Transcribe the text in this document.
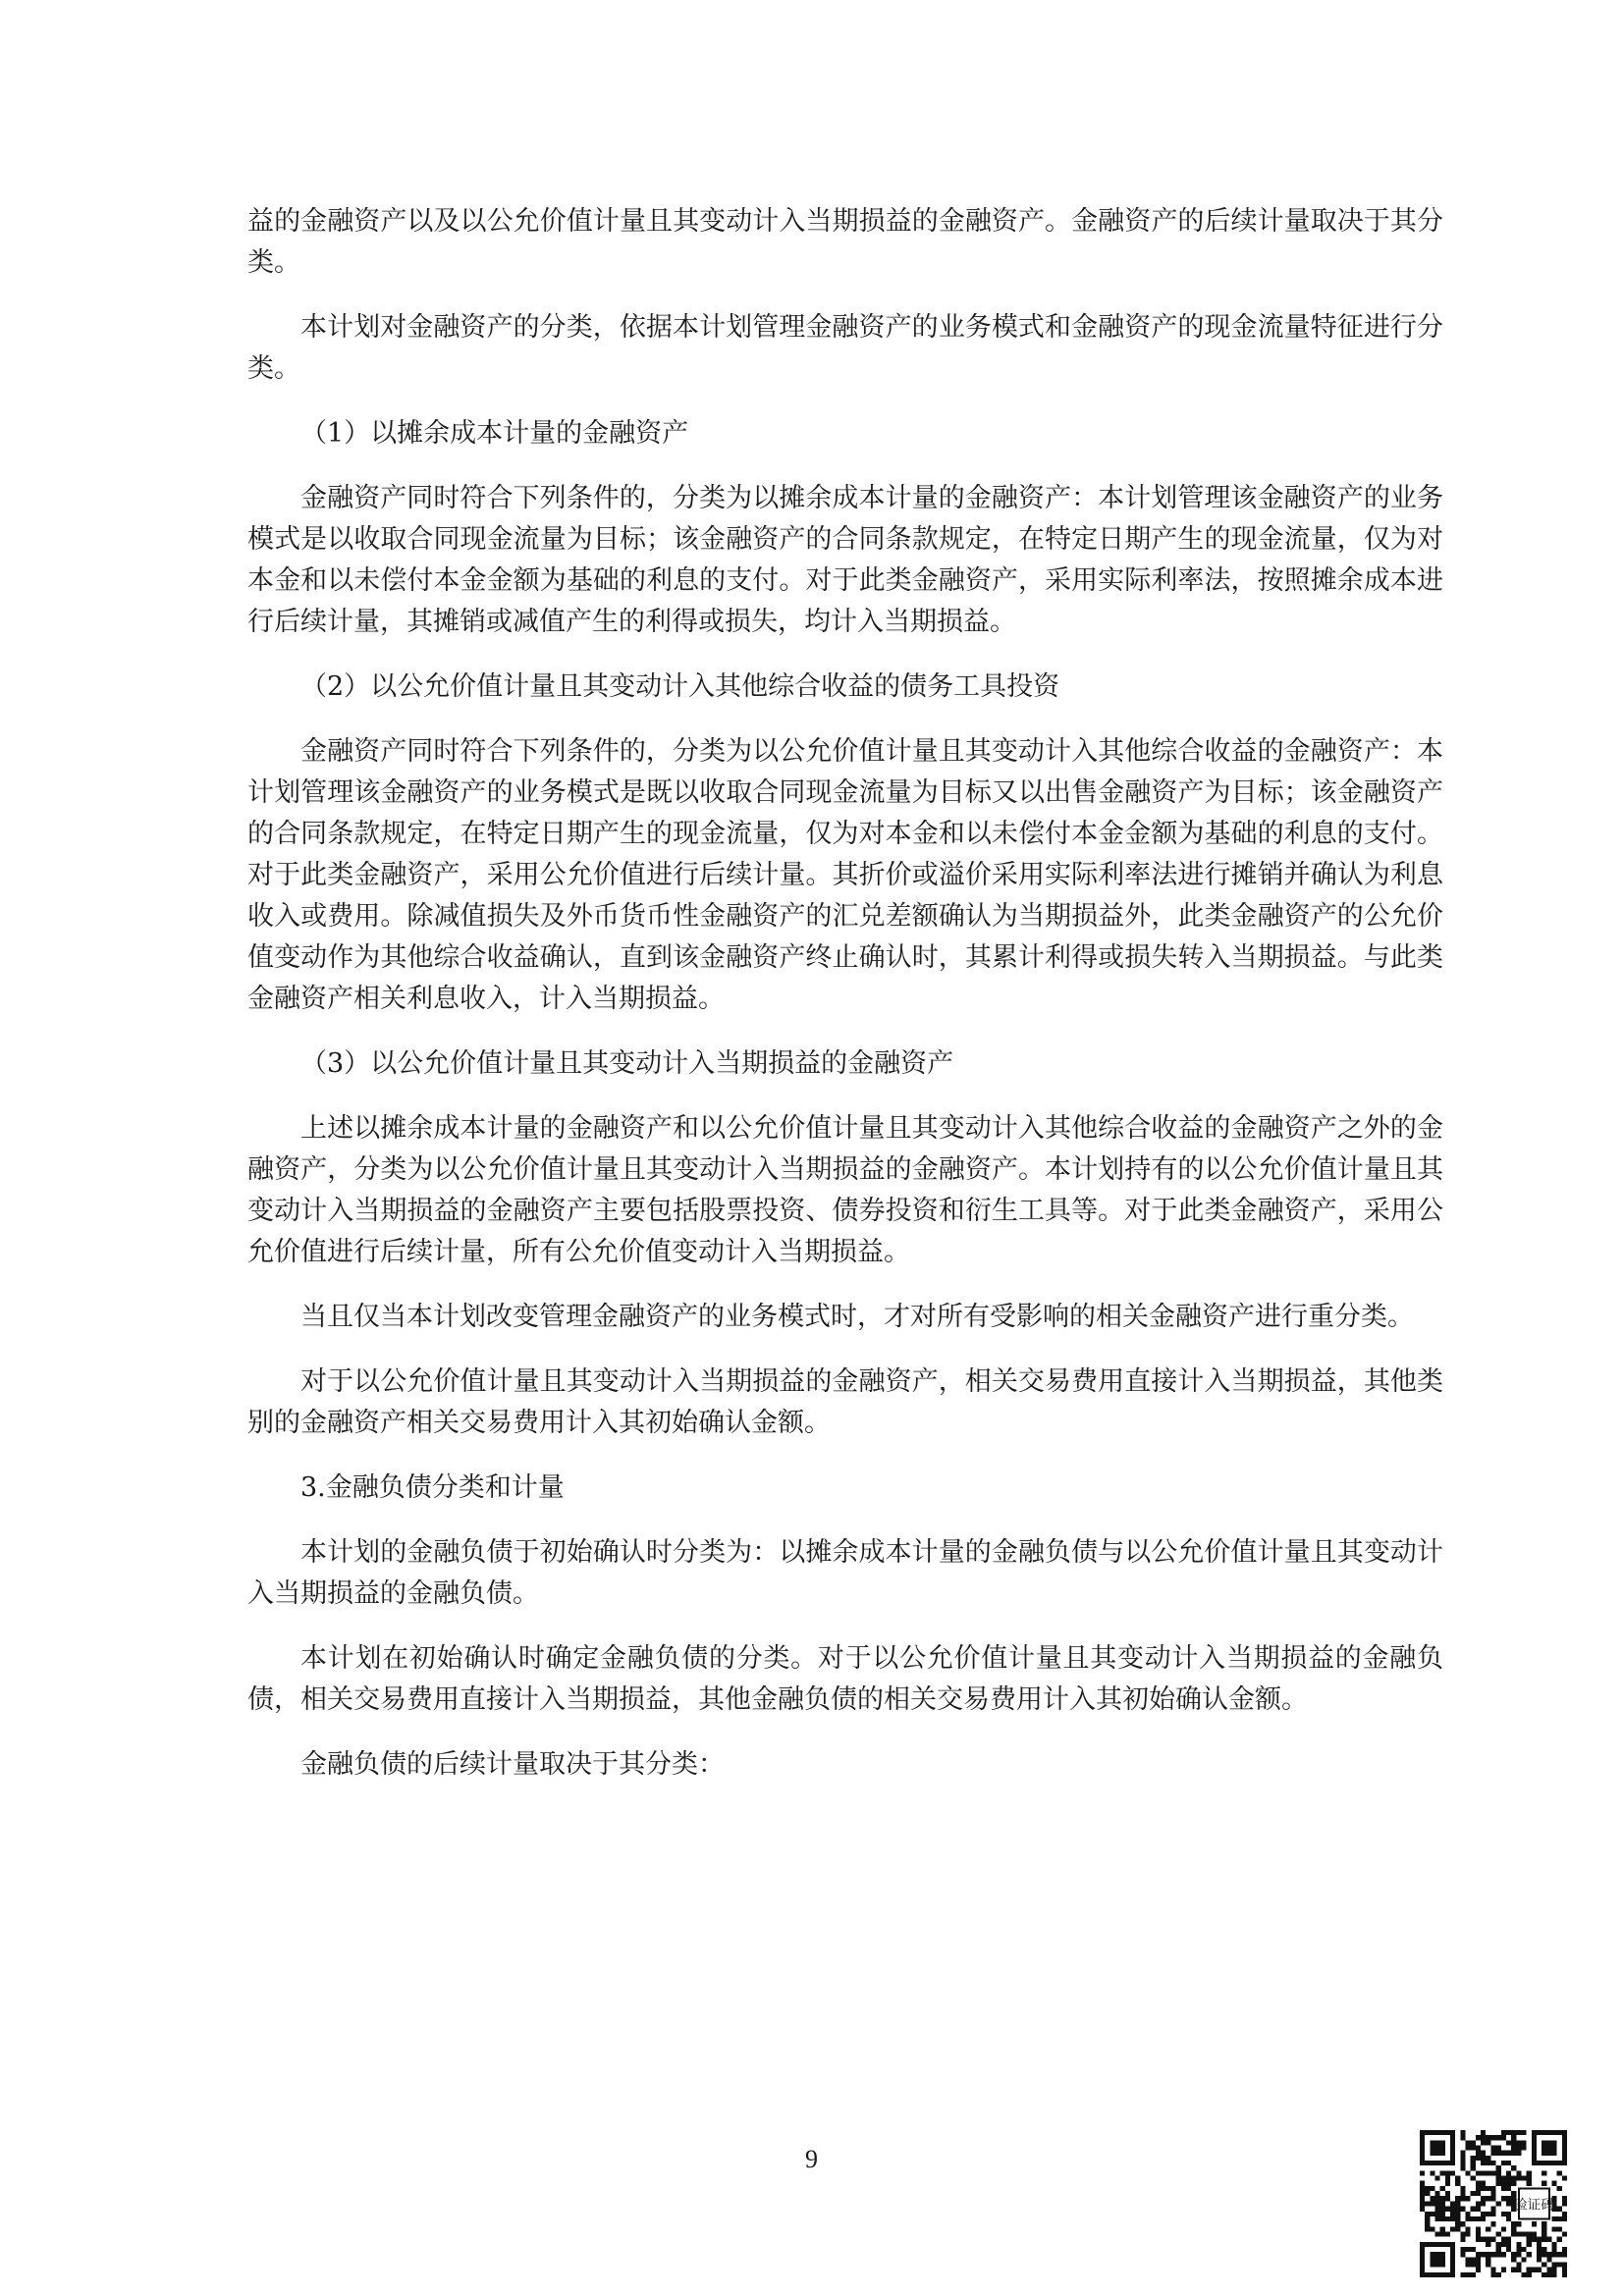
益的金融资产以及以公允价值计量且其变动计入当期损益的金融资产。金融资产的后续计量取决于其分类。

本计划对金融资产的分类，依据本计划管理金融资产的业务模式和金融资产的现金流量特征进行分类。

（1）以摊余成本计量的金融资产

金融资产同时符合下列条件的，分类为以摊余成本计量的金融资产：本计划管理该金融资产的业务模式是以收取合同现金流量为目标；该金融资产的合同条款规定，在特定日期产生的现金流量，仅为对本金和以未偿付本金金额为基础的利息的支付。对于此类金融资产，采用实际利率法，按照摊余成本进行后续计量，其摊销或减值产生的利得或损失，均计入当期损益。

（2）以公允价值计量且其变动计入其他综合收益的债务工具投资

金融资产同时符合下列条件的，分类为以公允价值计量且其变动计入其他综合收益的金融资产：本计划管理该金融资产的业务模式是既以收取合同现金流量为目标又以出售金融资产为目标；该金融资产的合同条款规定，在特定日期产生的现金流量，仅为对本金和以未偿付本金金额为基础的利息的支付。对于此类金融资产，采用公允价值进行后续计量。其折价或溢价采用实际利率法进行摊销并确认为利息收入或费用。除减值损失及外币货币性金融资产的汇兑差额确认为当期损益外，此类金融资产的公允价值变动作为其他综合收益确认，直到该金融资产终止确认时，其累计利得或损失转入当期损益。与此类金融资产相关利息收入，计入当期损益。

（3）以公允价值计量且其变动计入当期损益的金融资产

上述以摊余成本计量的金融资产和以公允价值计量且其变动计入其他综合收益的金融资产之外的金融资产，分类为以公允价值计量且其变动计入当期损益的金融资产。本计划持有的以公允价值计量且其变动计入当期损益的金融资产主要包括股票投资、债券投资和衍生工具等。对于此类金融资产，采用公允价值进行后续计量，所有公允价值变动计入当期损益。

当且仅当本计划改变管理金融资产的业务模式时，才对所有受影响的相关金融资产进行重分类。

对于以公允价值计量且其变动计入当期损益的金融资产，相关交易费用直接计入当期损益，其他类别的金融资产相关交易费用计入其初始确认金额。

3.金融负债分类和计量

本计划的金融负债于初始确认时分类为：以摊余成本计量的金融负债与以公允价值计量且其变动计入当期损益的金融负债。

本计划在初始确认时确定金融负债的分类。对于以公允价值计量且其变动计入当期损益的金融负债，相关交易费用直接计入当期损益，其他金融负债的相关交易费用计入其初始确认金额。

金融负债的后续计量取决于其分类：

9
验证码
